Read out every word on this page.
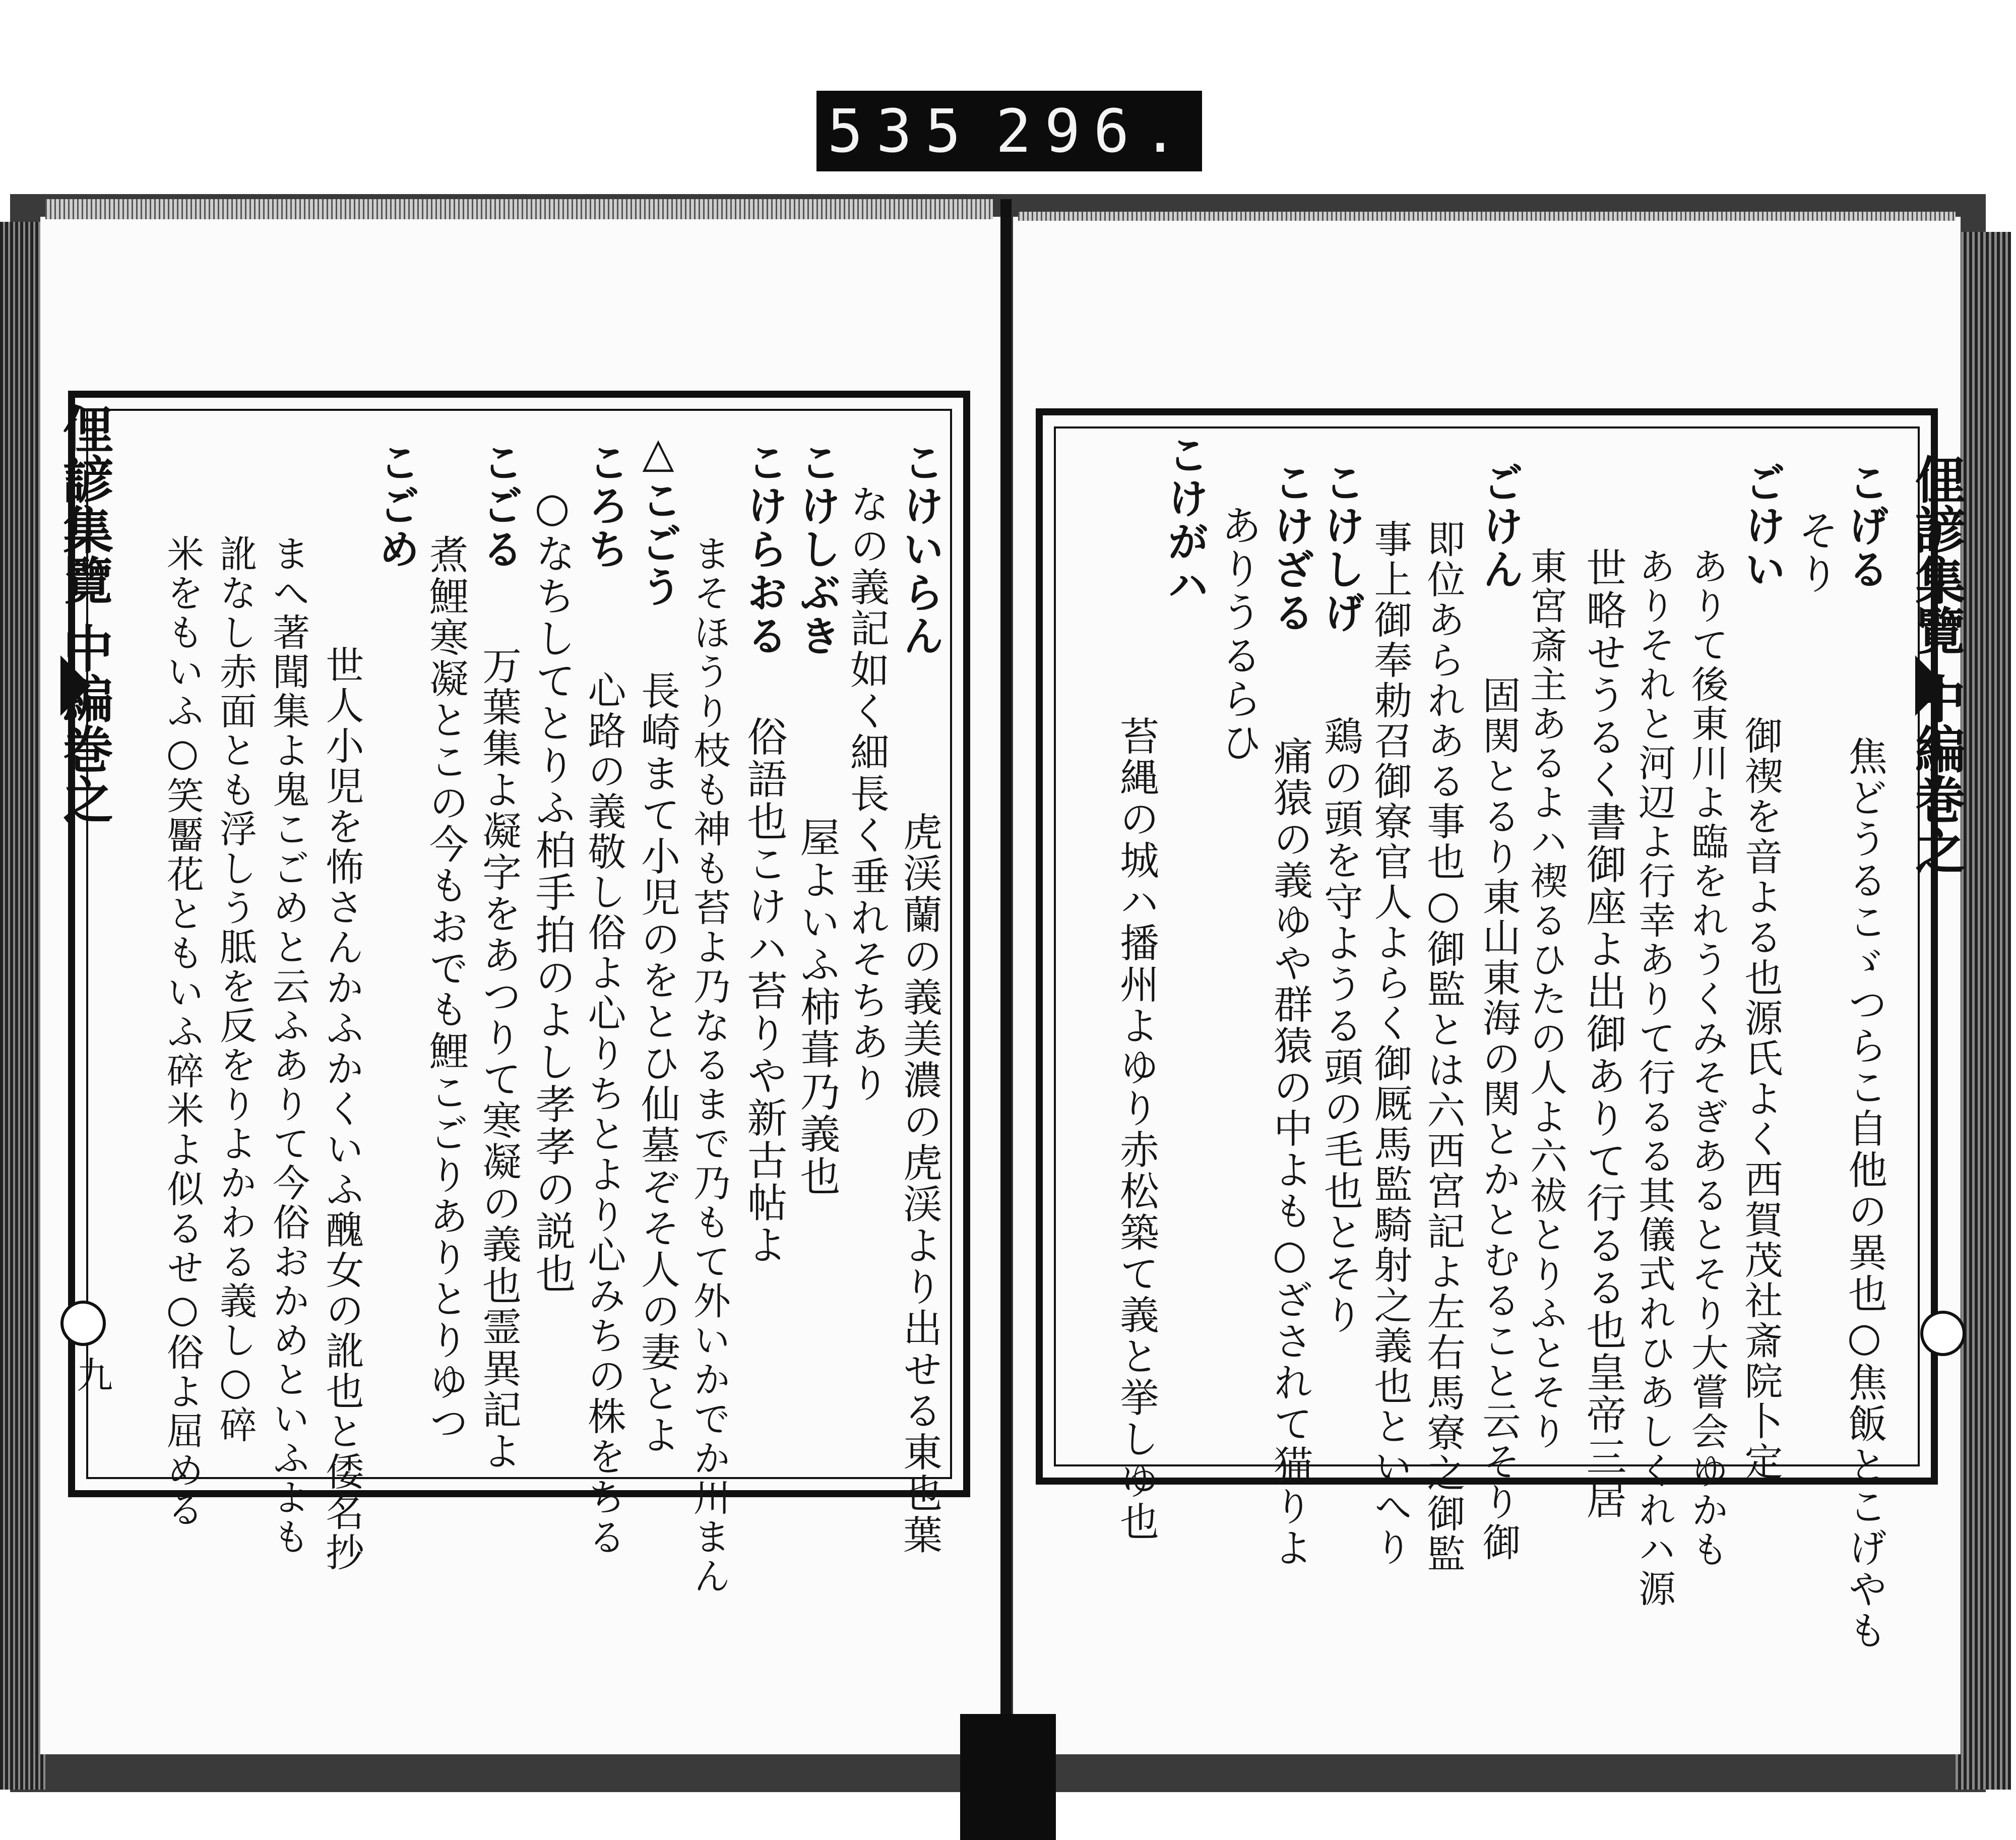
535 296.
俚諺集覽 中編巻之
九
俚諺集覽 中編巻之
こげる
焦どうるこゞつらこ自他の異也○焦飯とこげやも
そり
ごけい
御禊を音よる也源氏よく西賀茂社斎院卜定
ありて後東川よ臨をれうくみそぎあるとそり大嘗会ゆかも
ありそれと河辺よ行幸ありて行るる其儀式れひあしくれハ源
世略せうるく書御座よ出御ありて行るる也皇帝三居
東宮斎主あるよハ禊るひたの人よ六祓とりふとそり
ごけん
固関とるり東山東海の関とかとむること云そり御
即位あられある事也○御監とは六西宮記よ左右馬寮之御監
事上御奉勅召御寮官人よらく御厩馬監騎射之義也といへり
こけしげ
鶏の頭を守ようる頭の毛也とそり
こけざる
痛猿の義ゆや群猿の中よも○ざされて猫りよ
ありうるらひ
こけがハ
苔縄の城ハ播州よゆり赤松築て義と挙しゆ也
こけいらん
虎渓蘭の義美濃の虎渓より出せる東也葉
なの義記如く細長く垂れそちあり
こけしぶき
屋よいふ柿葺乃義也
こけらおる
俗語也こけハ苔りや新古帖よ
まそほうり枝も神も苔よ乃なるまで乃もて外いかでか川まん
△こごう
ころち
長崎まて小児のをとひ仙墓ぞそ人の妻とよ
心路の義敬し俗よ心りちとより心みちの株をちる
○なちしてとりふ柏手拍のよし孝孝の説也
こごる
万葉集よ凝字をあつりて寒凝の義也霊異記よ
煮鯉寒凝とこの今もおでも鯉こごりありとりゆつ
こごめ
世人小児を怖さんかふかくいふ醜女の訛也と倭名抄
まへ著聞集よ鬼こごめと云ふありて今俗おかめといふよも
訛なし赤面とも浮しう胝を反をりよかわる義し○碎
米をもいふ○笑靨花ともいふ碎米よ似るせ○俗よ屈める
